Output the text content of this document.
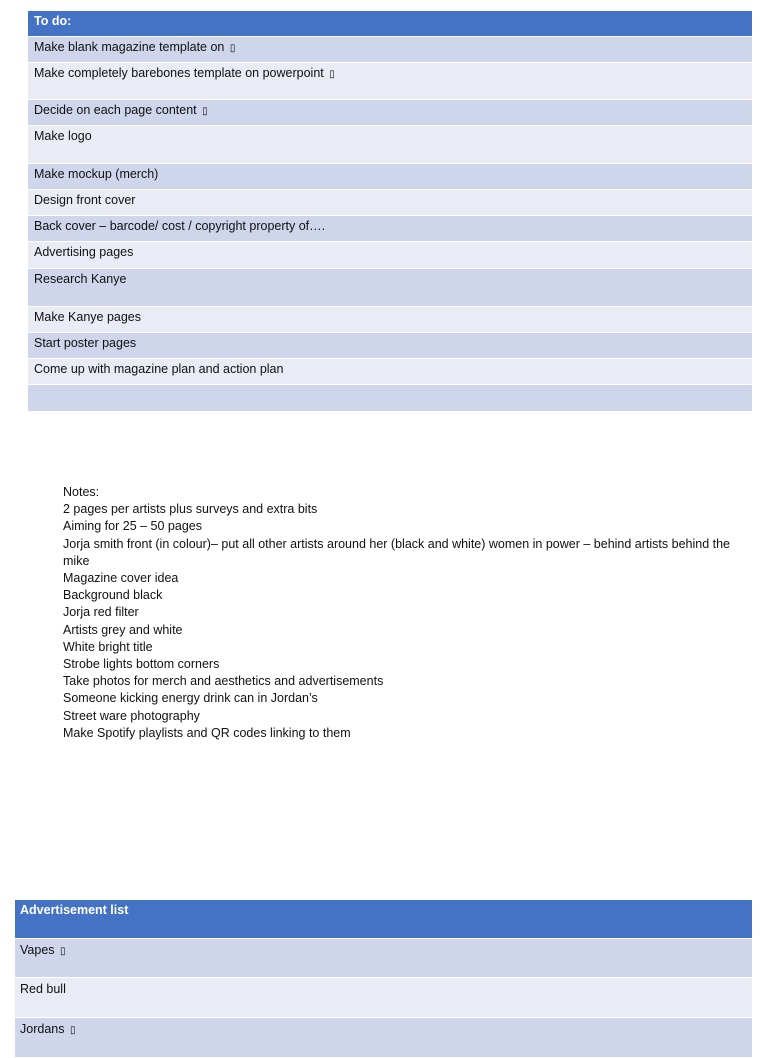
To do:
Make blank magazine template on ▯
Make completely barebones template on powerpoint ▯
Decide on each page content ▯
Make logo
Make mockup (merch)
Design front cover
Back cover – barcode/ cost / copyright property of….
Advertising pages
Research Kanye
Make Kanye pages
Start poster pages
Come up with magazine plan and action plan
Notes:
2 pages per artists plus surveys and extra bits
Aiming for 25 – 50 pages
Jorja smith front (in colour)– put all other artists around her (black and white) women in power – behind artists behind the mike
Magazine cover idea
Background black
Jorja red filter
Artists grey and white
White bright title
Strobe lights bottom corners
Take photos for merch and aesthetics and advertisements
Someone kicking energy drink can in Jordan’s
Street ware photography
Make Spotify playlists and QR codes linking to them
Advertisement list
Vapes ▯
Red bull
Jordans ▯
